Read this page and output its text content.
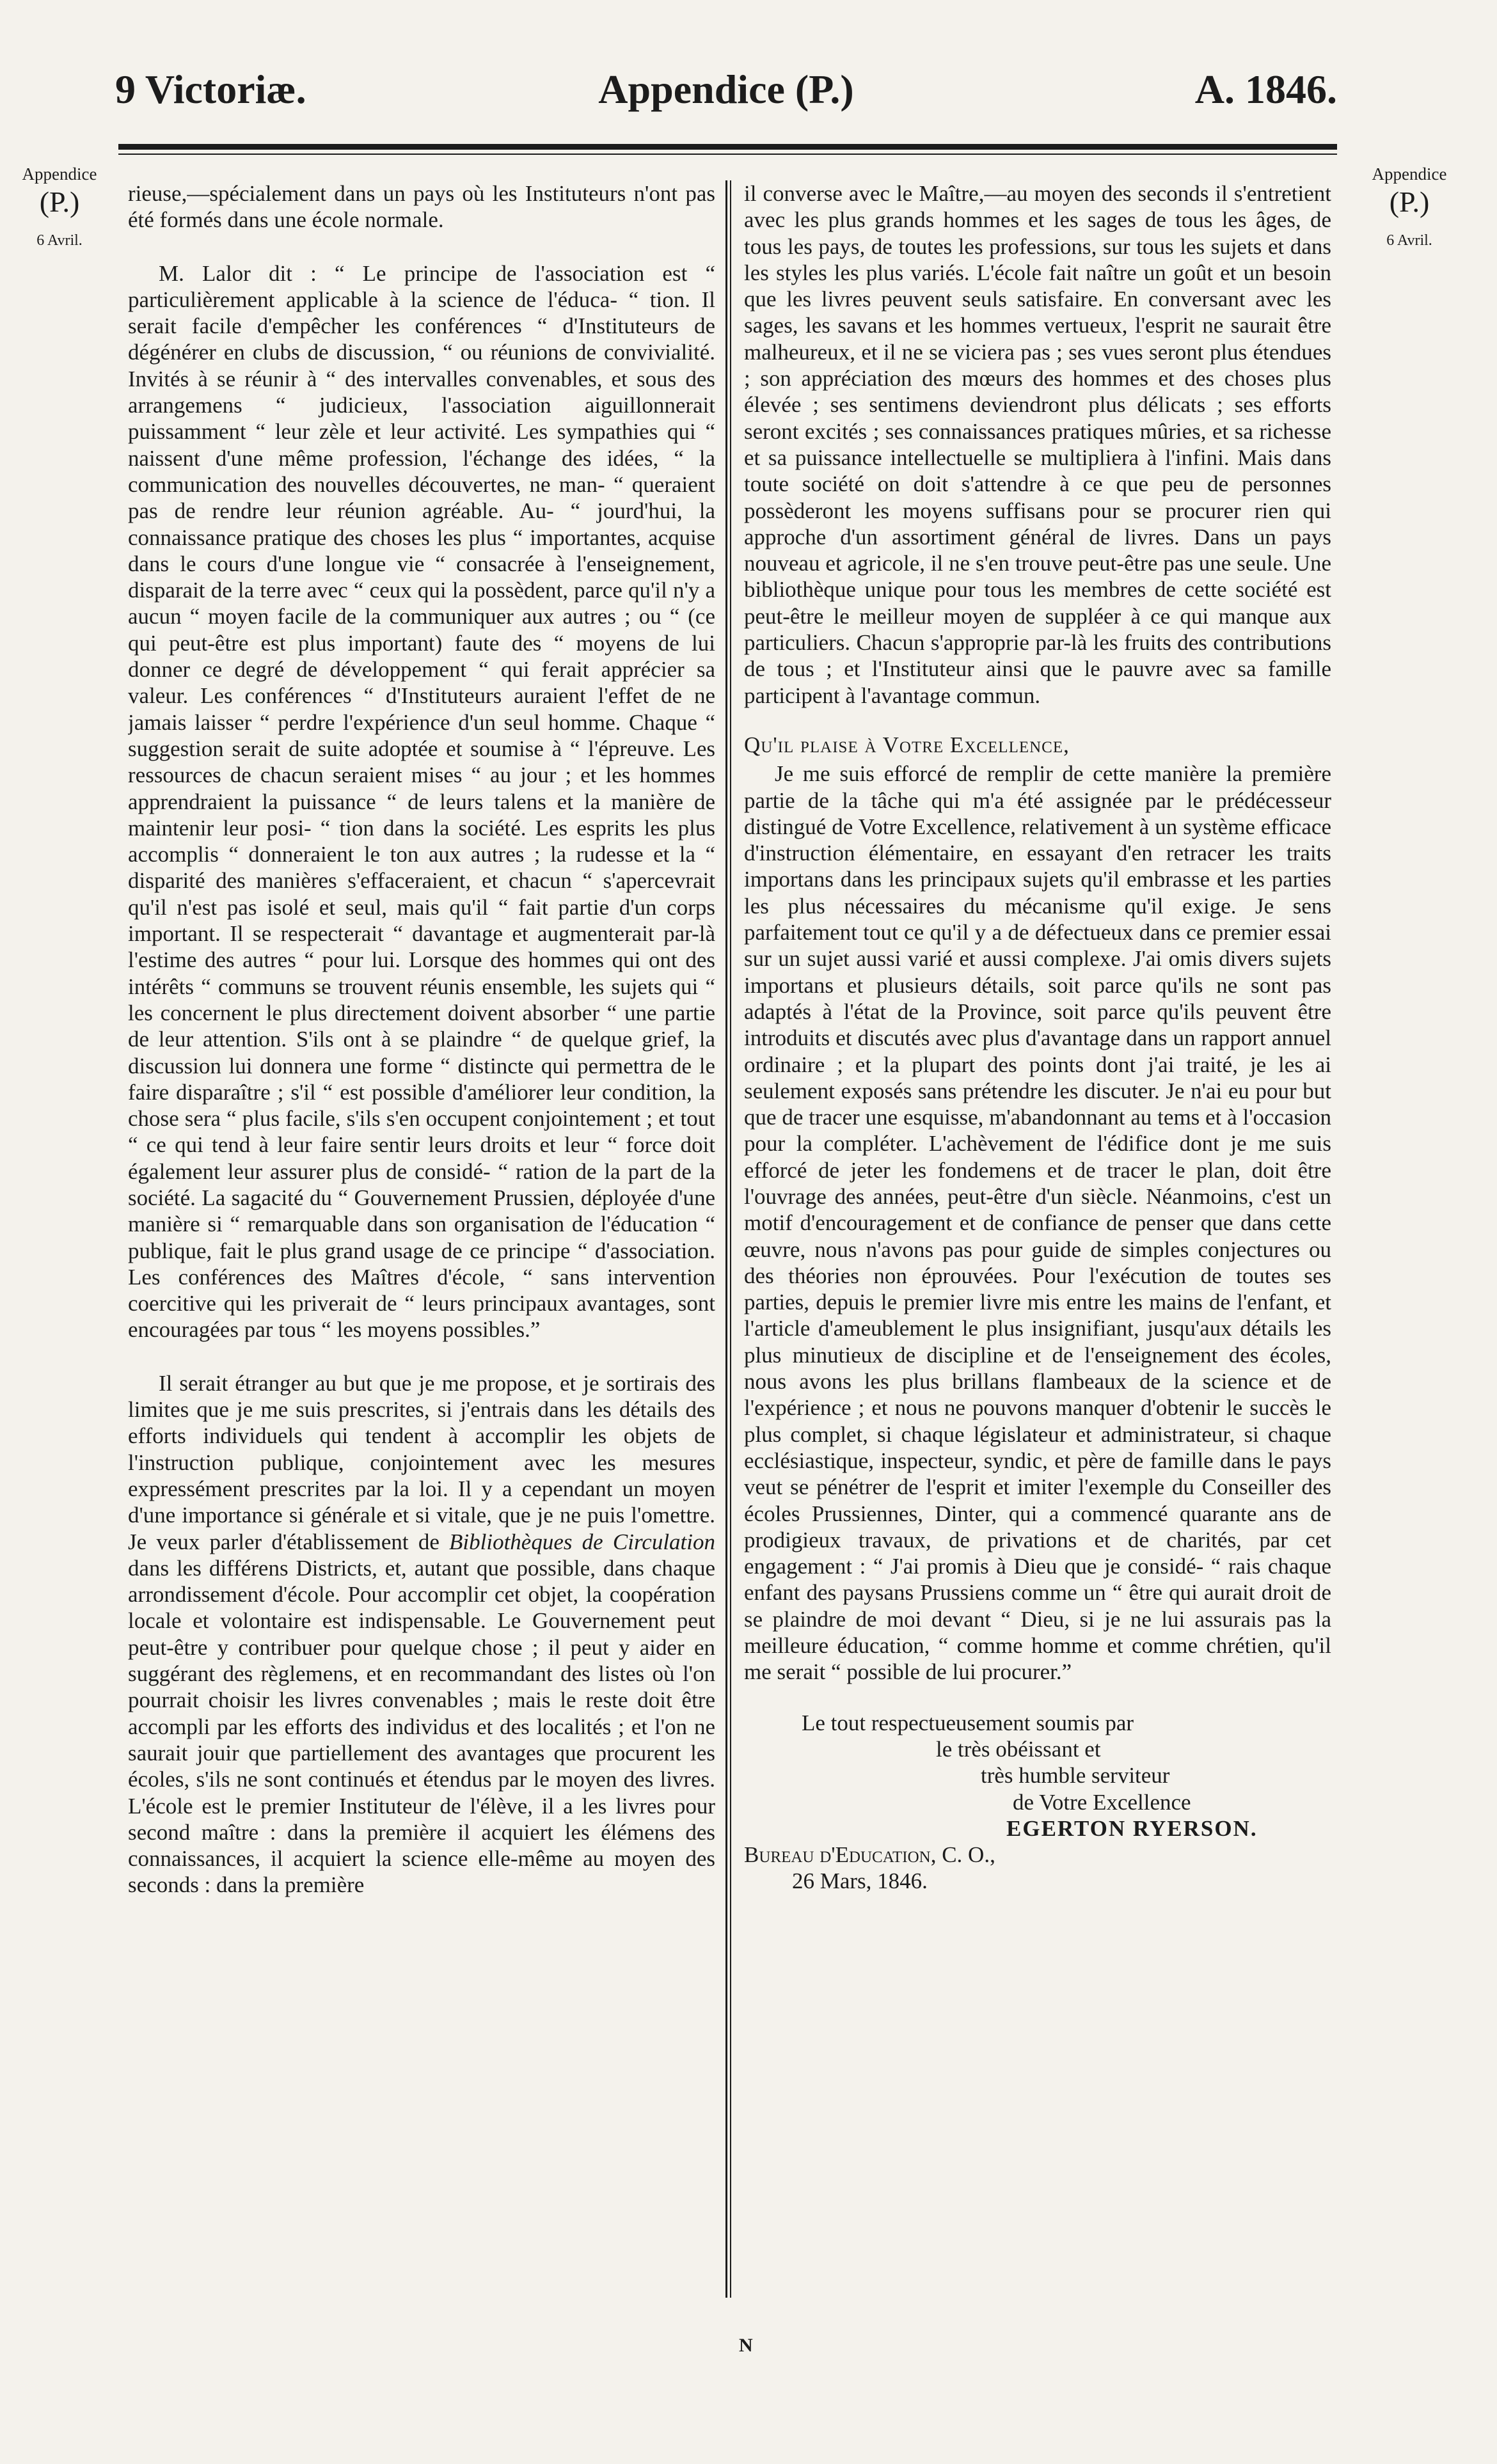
9 Victoriæ.	Appendice (P.)	A. 1846.
Appendice
(P.)
6 Avril.
Appendice
(P.)
6 Avril.

rieuse,—spécialement dans un pays où les Instituteurs n'ont pas été formés dans une école normale.

M. Lalor dit : “ Le principe de l'association est “ particulièrement applicable à la science de l'éduca- “ tion. Il serait facile d'empêcher les conférences “ d'Instituteurs de dégénérer en clubs de discussion, “ ou réunions de convivialité. Invités à se réunir à “ des intervalles convenables, et sous des arrangemens “ judicieux, l'association aiguillonnerait puissamment “ leur zèle et leur activité. Les sympathies qui “ naissent d'une même profession, l'échange des idées, “ la communication des nouvelles découvertes, ne man- “ queraient pas de rendre leur réunion agréable. Au- “ jourd'hui, la connaissance pratique des choses les plus “ importantes, acquise dans le cours d'une longue vie “ consacrée à l'enseignement, disparait de la terre avec “ ceux qui la possèdent, parce qu'il n'y a aucun “ moyen facile de la communiquer aux autres ; ou “ (ce qui peut-être est plus important) faute des “ moyens de lui donner ce degré de développement “ qui ferait apprécier sa valeur. Les conférences “ d'Instituteurs auraient l'effet de ne jamais laisser “ perdre l'expérience d'un seul homme. Chaque “ suggestion serait de suite adoptée et soumise à “ l'épreuve. Les ressources de chacun seraient mises “ au jour ; et les hommes apprendraient la puissance “ de leurs talens et la manière de maintenir leur posi- “ tion dans la société. Les esprits les plus accomplis “ donneraient le ton aux autres ; la rudesse et la “ disparité des manières s'effaceraient, et chacun “ s'apercevrait qu'il n'est pas isolé et seul, mais qu'il “ fait partie d'un corps important. Il se respecterait “ davantage et augmenterait par-là l'estime des autres “ pour lui. Lorsque des hommes qui ont des intérêts “ communs se trouvent réunis ensemble, les sujets qui “ les concernent le plus directement doivent absorber “ une partie de leur attention. S'ils ont à se plaindre “ de quelque grief, la discussion lui donnera une forme “ distincte qui permettra de le faire disparaître ; s'il “ est possible d'améliorer leur condition, la chose sera “ plus facile, s'ils s'en occupent conjointement ; et tout “ ce qui tend à leur faire sentir leurs droits et leur “ force doit également leur assurer plus de considé- “ ration de la part de la société. La sagacité du “ Gouvernement Prussien, déployée d'une manière si “ remarquable dans son organisation de l'éducation “ publique, fait le plus grand usage de ce principe “ d'association. Les conférences des Maîtres d'école, “ sans intervention coercitive qui les priverait de “ leurs principaux avantages, sont encouragées par tous “ les moyens possibles.”

Il serait étranger au but que je me propose, et je sortirais des limites que je me suis prescrites, si j'entrais dans les détails des efforts individuels qui tendent à accomplir les objets de l'instruction publique, conjointement avec les mesures expressément prescrites par la loi. Il y a cependant un moyen d'une importance si générale et si vitale, que je ne puis l'omettre. Je veux parler d'établissement de Bibliothèques de Circulation dans les différens Districts, et, autant que possible, dans chaque arrondissement d'école. Pour accomplir cet objet, la coopération locale et volontaire est indispensable. Le Gouvernement peut peut-être y contribuer pour quelque chose ; il peut y aider en suggérant des règlemens, et en recommandant des listes où l'on pourrait choisir les livres convenables ; mais le reste doit être accompli par les efforts des individus et des localités ; et l'on ne saurait jouir que partiellement des avantages que procurent les écoles, s'ils ne sont continués et étendus par le moyen des livres. L'école est le premier Instituteur de l'élève, il a les livres pour second maître : dans la première il acquiert les élémens des connaissances, il acquiert la science elle-même au moyen des seconds : dans la première

il converse avec le Maître,—au moyen des seconds il s'entretient avec les plus grands hommes et les sages de tous les âges, de tous les pays, de toutes les professions, sur tous les sujets et dans les styles les plus variés. L'école fait naître un goût et un besoin que les livres peuvent seuls satisfaire. En conversant avec les sages, les savans et les hommes vertueux, l'esprit ne saurait être malheureux, et il ne se viciera pas ; ses vues seront plus étendues ; son appréciation des mœurs des hommes et des choses plus élevée ; ses sentimens deviendront plus délicats ; ses efforts seront excités ; ses connaissances pratiques mûries, et sa richesse et sa puissance intellectuelle se multipliera à l'infini. Mais dans toute société on doit s'attendre à ce que peu de personnes possèderont les moyens suffisans pour se procurer rien qui approche d'un assortiment général de livres. Dans un pays nouveau et agricole, il ne s'en trouve peut-être pas une seule. Une bibliothèque unique pour tous les membres de cette société est peut-être le meilleur moyen de suppléer à ce qui manque aux particuliers. Chacun s'approprie par-là les fruits des contributions de tous ; et l'Instituteur ainsi que le pauvre avec sa famille participent à l'avantage commun.

Qu'il plaise à Votre Excellence,

Je me suis efforcé de remplir de cette manière la première partie de la tâche qui m'a été assignée par le prédécesseur distingué de Votre Excellence, relativement à un système efficace d'instruction élémentaire, en essayant d'en retracer les traits importans dans les principaux sujets qu'il embrasse et les parties les plus nécessaires du mécanisme qu'il exige. Je sens parfaitement tout ce qu'il y a de défectueux dans ce premier essai sur un sujet aussi varié et aussi complexe. J'ai omis divers sujets importans et plusieurs détails, soit parce qu'ils ne sont pas adaptés à l'état de la Province, soit parce qu'ils peuvent être introduits et discutés avec plus d'avantage dans un rapport annuel ordinaire ; et la plupart des points dont j'ai traité, je les ai seulement exposés sans prétendre les discuter. Je n'ai eu pour but que de tracer une esquisse, m'abandonnant au tems et à l'occasion pour la compléter. L'achèvement de l'édifice dont je me suis efforcé de jeter les fondemens et de tracer le plan, doit être l'ouvrage des années, peut-être d'un siècle. Néanmoins, c'est un motif d'encouragement et de confiance de penser que dans cette œuvre, nous n'avons pas pour guide de simples conjectures ou des théories non éprouvées. Pour l'exécution de toutes ses parties, depuis le premier livre mis entre les mains de l'enfant, et l'article d'ameublement le plus insignifiant, jusqu'aux détails les plus minutieux de discipline et de l'enseignement des écoles, nous avons les plus brillans flambeaux de la science et de l'expérience ; et nous ne pouvons manquer d'obtenir le succès le plus complet, si chaque législateur et administrateur, si chaque ecclésiastique, inspecteur, syndic, et père de famille dans le pays veut se pénétrer de l'esprit et imiter l'exemple du Conseiller des écoles Prussiennes, Dinter, qui a commencé quarante ans de prodigieux travaux, de privations et de charités, par cet engagement : “ J'ai promis à Dieu que je considé- “ rais chaque enfant des paysans Prussiens comme un “ être qui aurait droit de se plaindre de moi devant “ Dieu, si je ne lui assurais pas la meilleure éducation, “ comme homme et comme chrétien, qu'il me serait “ possible de lui procurer.”

Le tout respectueusement soumis par
le très obéissant et
très humble serviteur
de Votre Excellence
EGERTON RYERSON.
Bureau d'Education, C. O.,
26 Mars, 1846.
N
